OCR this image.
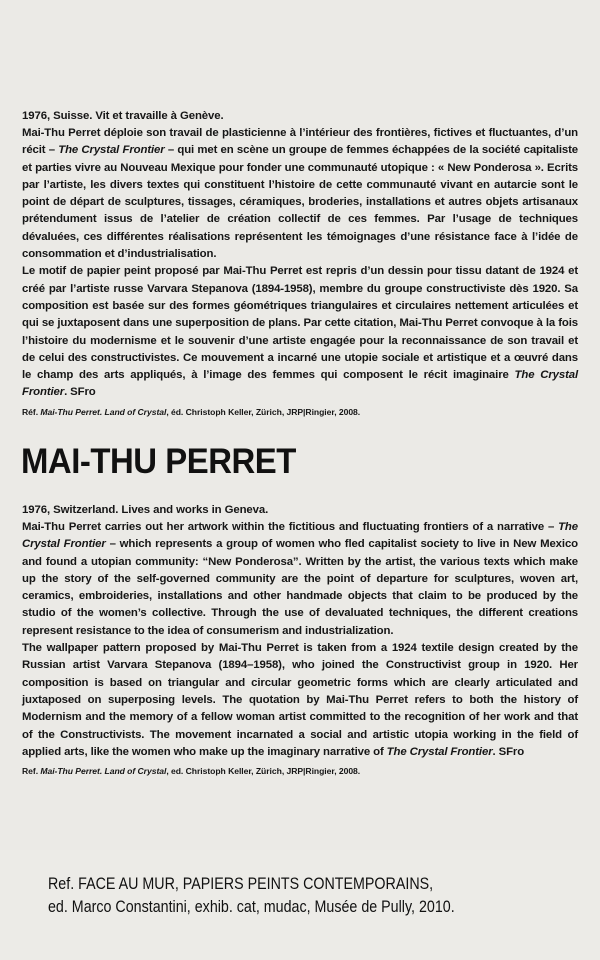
1976, Suisse. Vit et travaille à Genève.

Mai-Thu Perret déploie son travail de plasticienne à l’intérieur des frontières, fictives et fluctuantes, d’un récit – The Crystal Frontier – qui met en scène un groupe de femmes échappées de la société capitaliste et parties vivre au Nouveau Mexique pour fonder une communauté utopique : « New Ponderosa ». Ecrits par l’artiste, les divers textes qui constituent l’histoire de cette communauté vivant en autarcie sont le point de départ de sculptures, tissages, céramiques, broderies, installations et autres objets artisanaux prétendument issus de l’atelier de création collectif de ces femmes. Par l’usage de techniques dévaluées, ces différentes réalisations représentent les témoignages d’une résistance face à l’idée de consommation et d’industrialisation.

Le motif de papier peint proposé par Mai-Thu Perret est repris d’un dessin pour tissu datant de 1924 et créé par l’artiste russe Varvara Stepanova (1894-1958), membre du groupe constructiviste dès 1920. Sa composition est basée sur des formes géométriques triangulaires et circulaires nettement articulées et qui se juxtaposent dans une superposition de plans. Par cette citation, Mai-Thu Perret convoque à la fois l’histoire du modernisme et le souvenir d’une artiste engagée pour la reconnaissance de son travail et de celui des constructivistes. Ce mouvement a incarné une utopie sociale et artistique et a œuvré dans le champ des arts appliqués, à l’image des femmes qui composent le récit imaginaire The Crystal Frontier. SFro

Réf. Mai-Thu Perret. Land of Crystal, éd. Christoph Keller, Zürich, JRP|Ringier, 2008.

MAI-THU PERRET

1976, Switzerland. Lives and works in Geneva.

Mai-Thu Perret carries out her artwork within the fictitious and fluctuating frontiers of a narrative – The Crystal Frontier – which represents a group of women who fled capitalist society to live in New Mexico and found a utopian community: “New Ponderosa”. Written by the artist, the various texts which make up the story of the self-governed community are the point of departure for sculptures, woven art, ceramics, embroideries, installations and other handmade objects that claim to be produced by the studio of the women’s collective. Through the use of devaluated techniques, the different creations represent resistance to the idea of consumerism and industrialization.

The wallpaper pattern proposed by Mai-Thu Perret is taken from a 1924 textile design created by the Russian artist Varvara Stepanova (1894–1958), who joined the Constructivist group in 1920. Her composition is based on triangular and circular geometric forms which are clearly articulated and juxtaposed on superposing levels. The quotation by Mai-Thu Perret refers to both the history of Modernism and the memory of a fellow woman artist committed to the recognition of her work and that of the Constructivists. The movement incarnated a social and artistic utopia working in the field of applied arts, like the women who make up the imaginary narrative of The Crystal Frontier. SFro

Ref. Mai-Thu Perret. Land of Crystal, ed. Christoph Keller, Zürich, JRP|Ringier, 2008.

Ref. FACE AU MUR, PAPIERS PEINTS CONTEMPORAINS,
ed. Marco Constantini, exhib. cat, mudac, Musée de Pully, 2010.
